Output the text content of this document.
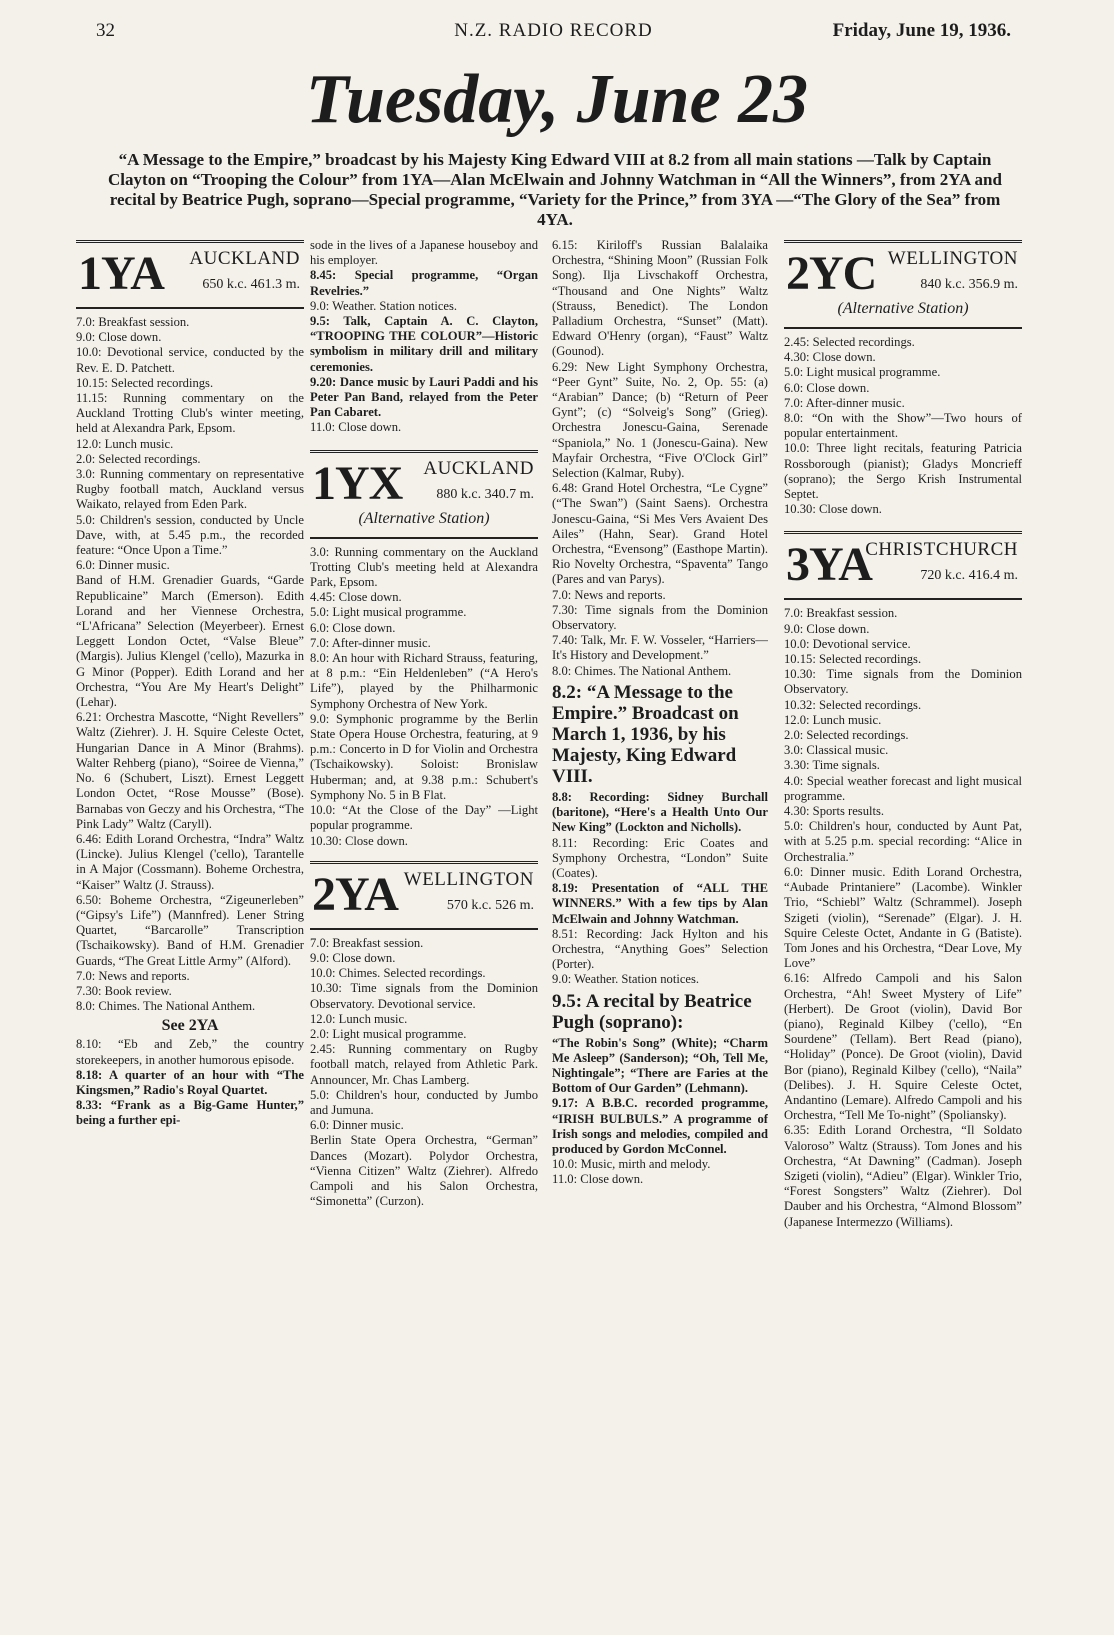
32	N.Z. RADIO RECORD	Friday, June 19, 1936.
Tuesday, June 23
“A Message to the Empire,” broadcast by his Majesty King Edward VIII at 8.2 from all main stations —Talk by Captain Clayton on “Trooping the Colour” from 1YA—Alan McElwain and Johnny Watchman in “All the Winners”, from 2YA and recital by Beatrice Pugh, soprano—Special programme, “Variety for the Prince,” from 3YA —“The Glory of the Sea” from 4YA.
1YA AUCKLAND
650 k.c. 461.3 m.

7.0: Breakfast session.

9.0: Close down.

10.0: Devotional service, conducted by the Rev. E. D. Patchett.

10.15: Selected recordings.

11.15: Running commentary on the Auckland Trotting Club's winter meeting, held at Alexandra Park, Epsom.

12.0: Lunch music.

2.0: Selected recordings.

3.0: Running commentary on representative Rugby football match, Auckland versus Waikato, relayed from Eden Park.

5.0: Children's session, conducted by Uncle Dave, with, at 5.45 p.m., the recorded feature: “Once Upon a Time.”

6.0: Dinner music.

Band of H.M. Grenadier Guards, “Garde Republicaine” March (Emerson). Edith Lorand and her Viennese Orchestra, “L'Africana” Selection (Meyerbeer). Ernest Leggett London Octet, “Valse Bleue” (Margis). Julius Klengel ('cello), Mazurka in G Minor (Popper). Edith Lorand and her Orchestra, “You Are My Heart's Delight” (Lehar).

6.21: Orchestra Mascotte, “Night Revellers” Waltz (Ziehrer). J. H. Squire Celeste Octet, Hungarian Dance in A Minor (Brahms). Walter Rehberg (piano), “Soiree de Vienna,” No. 6 (Schubert, Liszt). Ernest Leggett London Octet, “Rose Mousse” (Bose). Barnabas von Geczy and his Orchestra, “The Pink Lady” Waltz (Caryll).

6.46: Edith Lorand Orchestra, “Indra” Waltz (Lincke). Julius Klengel ('cello), Tarantelle in A Major (Cossmann). Boheme Orchestra, “Kaiser” Waltz (J. Strauss).

6.50: Boheme Orchestra, “Zigeunerleben” (“Gipsy's Life”) (Mannfred). Lener String Quartet, “Barcarolle” Transcription (Tschaikowsky). Band of H.M. Grenadier Guards, “The Great Little Army” (Alford).

7.0: News and reports.

7.30: Book review.

8.0: Chimes. The National Anthem.

See 2YA

8.10: “Eb and Zeb,” the country storekeepers, in another humorous episode.

8.18: A quarter of an hour with “The Kingsmen,” Radio's Royal Quartet.

8.33: “Frank as a Big-Game Hunter,” being a further epi-

sode in the lives of a Japanese houseboy and his employer.

8.45: Special programme, “Organ Revelries.”

9.0: Weather. Station notices.

9.5: Talk, Captain A. C. Clayton, “TROOPING THE COLOUR”—Historic symbolism in military drill and military ceremonies.

9.20: Dance music by Lauri Paddi and his Peter Pan Band, relayed from the Peter Pan Cabaret.

11.0: Close down.

1YX AUCKLAND
880 k.c. 340.7 m.
(Alternative Station)

3.0: Running commentary on the Auckland Trotting Club's meeting held at Alexandra Park, Epsom.

4.45: Close down.

5.0: Light musical programme.

6.0: Close down.

7.0: After-dinner music.

8.0: An hour with Richard Strauss, featuring, at 8 p.m.: “Ein Heldenleben” (“A Hero's Life”), played by the Philharmonic Symphony Orchestra of New York.

9.0: Symphonic programme by the Berlin State Opera House Orchestra, featuring, at 9 p.m.: Concerto in D for Violin and Orchestra (Tschaikowsky). Soloist: Bronislaw Huberman; and, at 9.38 p.m.: Schubert's Symphony No. 5 in B Flat.

10.0: “At the Close of the Day” —Light popular programme.

10.30: Close down.

2YA WELLINGTON
570 k.c. 526 m.

7.0: Breakfast session.

9.0: Close down.

10.0: Chimes. Selected recordings.

10.30: Time signals from the Dominion Observatory. Devotional service.

12.0: Lunch music.

2.0: Light musical programme.

2.45: Running commentary on Rugby football match, relayed from Athletic Park. Announcer, Mr. Chas Lamberg.

5.0: Children's hour, conducted by Jumbo and Jumuna.

6.0: Dinner music.

Berlin State Opera Orchestra, “German” Dances (Mozart). Polydor Orchestra, “Vienna Citizen” Waltz (Ziehrer). Alfredo Campoli and his Salon Orchestra, “Simonetta” (Curzon).

6.15: Kiriloff's Russian Balalaika Orchestra, “Shining Moon” (Russian Folk Song). Ilja Livschakoff Orchestra, “Thousand and One Nights” Waltz (Strauss, Benedict). The London Palladium Orchestra, “Sunset” (Matt). Edward O'Henry (organ), “Faust” Waltz (Gounod).

6.29: New Light Symphony Orchestra, “Peer Gynt” Suite, No. 2, Op. 55: (a) “Arabian” Dance; (b) “Return of Peer Gynt”; (c) “Solveig's Song” (Grieg). Orchestra Jonescu-Gaina, Serenade “Spaniola,” No. 1 (Jonescu-Gaina). New Mayfair Orchestra, “Five O'Clock Girl” Selection (Kalmar, Ruby).

6.48: Grand Hotel Orchestra, “Le Cygne” (“The Swan”) (Saint Saens). Orchestra Jonescu-Gaina, “Si Mes Vers Avaient Des Ailes” (Hahn, Sear). Grand Hotel Orchestra, “Evensong” (Easthope Martin). Rio Novelty Orchestra, “Spaventa” Tango (Pares and van Parys).

7.0: News and reports.

7.30: Time signals from the Dominion Observatory.

7.40: Talk, Mr. F. W. Vosseler, “Harriers—It's History and Development.”

8.0: Chimes. The National Anthem.

8.2: “A Message to the Empire.” Broadcast on March 1, 1936, by his Majesty, King Edward VIII.

8.8: Recording: Sidney Burchall (baritone), “Here's a Health Unto Our New King” (Lockton and Nicholls).

8.11: Recording: Eric Coates and Symphony Orchestra, “London” Suite (Coates).

8.19: Presentation of “ALL THE WINNERS.” With a few tips by Alan McElwain and Johnny Watchman.

8.51: Recording: Jack Hylton and his Orchestra, “Anything Goes” Selection (Porter).

9.0: Weather. Station notices.

9.5: A recital by Beatrice Pugh (soprano):

“The Robin's Song” (White); “Charm Me Asleep” (Sanderson); “Oh, Tell Me, Nightingale”; “There are Faries at the Bottom of Our Garden” (Lehmann).

9.17: A B.B.C. recorded programme, “IRISH BULBULS.” A programme of Irish songs and melodies, compiled and produced by Gordon McConnel.

10.0: Music, mirth and melody.

11.0: Close down.

2YC WELLINGTON
840 k.c. 356.9 m.
(Alternative Station)

2.45: Selected recordings.

4.30: Close down.

5.0: Light musical programme.

6.0: Close down.

7.0: After-dinner music.

8.0: “On with the Show”—Two hours of popular entertainment.

10.0: Three light recitals, featuring Patricia Rossborough (pianist); Gladys Moncrieff (soprano); the Sergo Krish Instrumental Septet.

10.30: Close down.

3YA
CHRISTCHURCH
720 k.c. 416.4 m.

7.0: Breakfast session.

9.0: Close down.

10.0: Devotional service.

10.15: Selected recordings.

10.30: Time signals from the Dominion Observatory.

10.32: Selected recordings.

12.0: Lunch music.

2.0: Selected recordings.

3.0: Classical music.

3.30: Time signals.

4.0: Special weather forecast and light musical programme.

4.30: Sports results.

5.0: Children's hour, conducted by Aunt Pat, with at 5.25 p.m. special recording: “Alice in Orchestralia.”

6.0: Dinner music. Edith Lorand Orchestra, “Aubade Printaniere” (Lacombe). Winkler Trio, “Schiebl” Waltz (Schrammel). Joseph Szigeti (violin), “Serenade” (Elgar). J. H. Squire Celeste Octet, Andante in G (Batiste). Tom Jones and his Orchestra, “Dear Love, My Love”

6.16: Alfredo Campoli and his Salon Orchestra, “Ah! Sweet Mystery of Life” (Herbert). De Groot (violin), David Bor (piano), Reginald Kilbey ('cello), “En Sourdene” (Tellam). Bert Read (piano), “Holiday” (Ponce). De Groot (violin), David Bor (piano), Reginald Kilbey ('cello), “Naila” (Delibes). J. H. Squire Celeste Octet, Andantino (Lemare). Alfredo Campoli and his Orchestra, “Tell Me To-night” (Spoliansky).

6.35: Edith Lorand Orchestra, “Il Soldato Valoroso” Waltz (Strauss). Tom Jones and his Orchestra, “At Dawning” (Cadman). Joseph Szigeti (violin), “Adieu” (Elgar). Winkler Trio, “Forest Songsters” Waltz (Ziehrer). Dol Dauber and his Orchestra, “Almond Blossom” (Japanese Intermezzo (Williams).
